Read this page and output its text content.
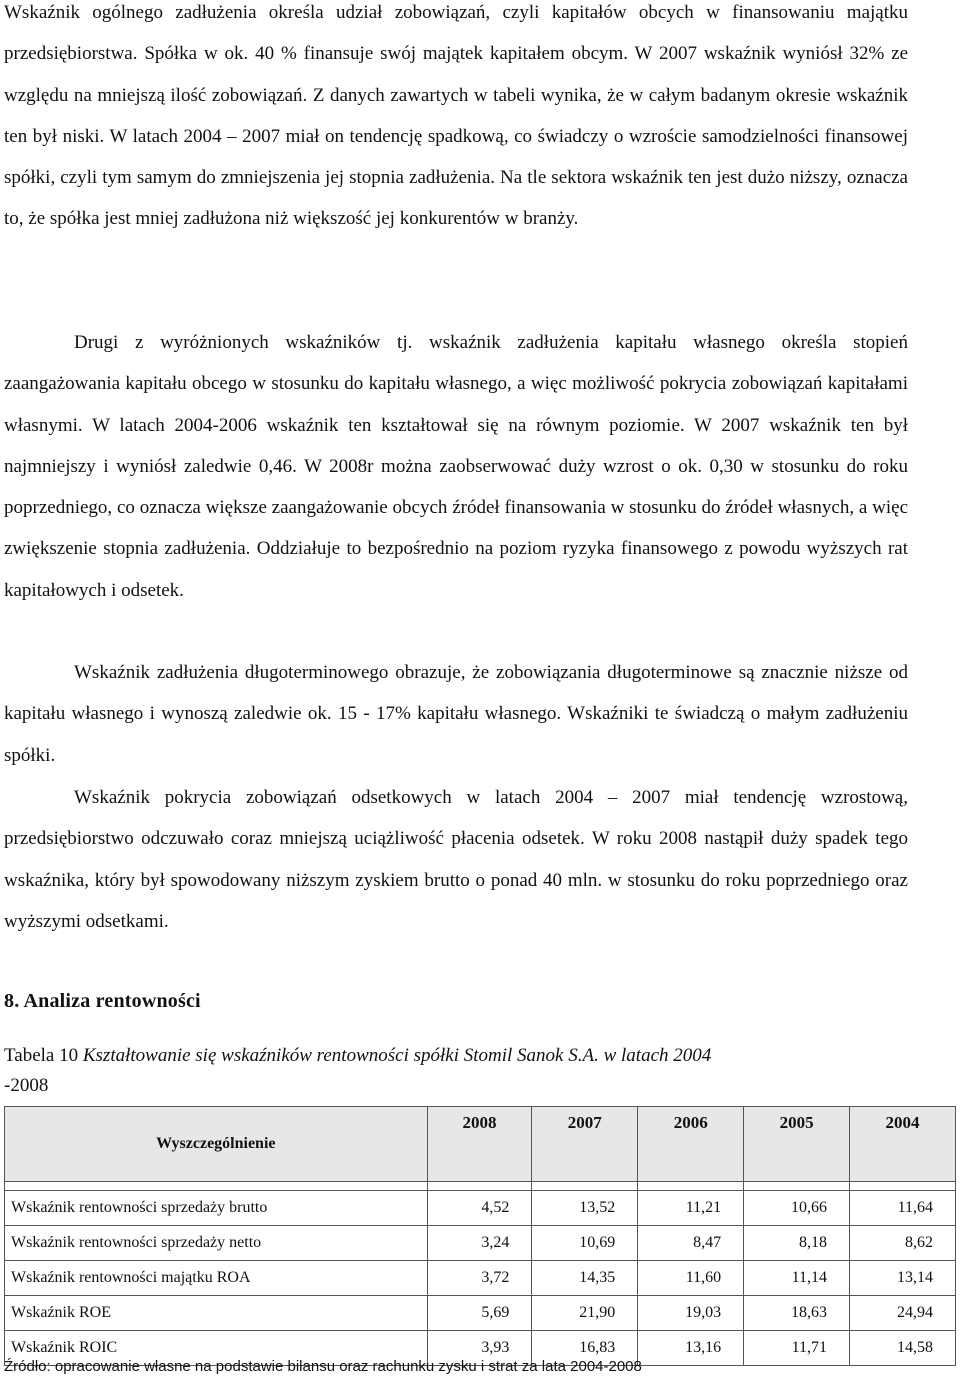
Wskaźnik ogólnego zadłużenia określa udział zobowiązań, czyli kapitałów obcych w finansowaniu majątku przedsiębiorstwa. Spółka w ok. 40 % finansuje swój majątek kapitałem obcym. W 2007 wskaźnik wyniósł 32% ze względu na mniejszą ilość zobowiązań. Z danych zawartych w tabeli wynika, że w całym badanym okresie wskaźnik ten był niski. W latach 2004 – 2007 miał on tendencję spadkową, co świadczy o wzroście samodzielności finansowej spółki, czyli tym samym do zmniejszenia jej stopnia zadłużenia. Na tle sektora wskaźnik ten jest dużo niższy, oznacza to, że spółka jest mniej zadłużona niż większość jej konkurentów w branży.

Drugi z wyróżnionych wskaźników tj. wskaźnik zadłużenia kapitału własnego określa stopień zaangażowania kapitału obcego w stosunku do kapitału własnego, a więc możliwość pokrycia zobowiązań kapitałami własnymi. W latach 2004-2006 wskaźnik ten kształtował się na równym poziomie. W 2007 wskaźnik ten był najmniejszy i wyniósł zaledwie 0,46. W 2008r można zaobserwować duży wzrost o ok. 0,30 w stosunku do roku poprzedniego, co oznacza większe zaangażowanie obcych źródeł finansowania w stosunku do źródeł własnych, a więc zwiększenie stopnia zadłużenia. Oddziałuje to bezpośrednio na poziom ryzyka finansowego z powodu wyższych rat kapitałowych i odsetek.

Wskaźnik zadłużenia długoterminowego obrazuje, że zobowiązania długoterminowe są znacznie niższe od kapitału własnego i wynoszą zaledwie ok. 15 - 17% kapitału własnego. Wskaźniki te świadczą o małym zadłużeniu spółki.

Wskaźnik pokrycia zobowiązań odsetkowych w latach 2004 – 2007 miał tendencję wzrostową, przedsiębiorstwo odczuwało coraz mniejszą uciążliwość płacenia odsetek. W roku 2008 nastąpił duży spadek tego wskaźnika, który był spowodowany niższym zyskiem brutto o ponad 40 mln. w stosunku do roku poprzedniego oraz wyższymi odsetkami.

8. Analiza rentowności

Tabela 10 Kształtowanie się wskaźników rentowności spółki Stomil Sanok S.A. w latach 2004
-2008

Wyszczególnienie	2008	2007	2006	2005	2004

Wskaźnik rentowności sprzedaży brutto	4,52	13,52	11,21	10,66	11,64
Wskaźnik rentowności sprzedaży netto	3,24	10,69	8,47	8,18	8,62
Wskaźnik rentowności majątku ROA	3,72	14,35	11,60	11,14	13,14
Wskaźnik ROE	5,69	21,90	19,03	18,63	24,94
Wskaźnik ROIC	3,93	16,83	13,16	11,71	14,58

Źródło: opracowanie własne na podstawie bilansu oraz rachunku zysku i strat za lata 2004-2008
